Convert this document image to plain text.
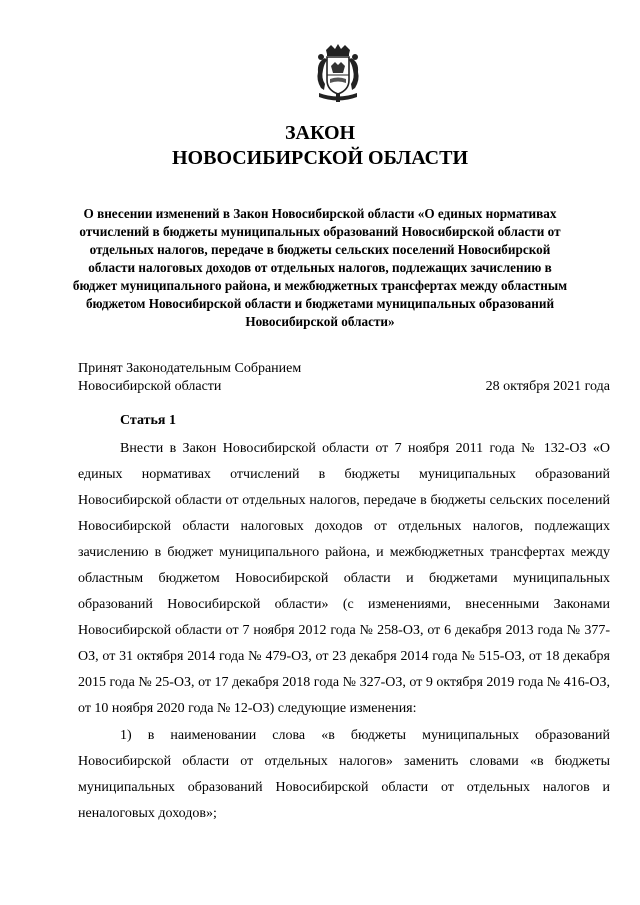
ЗАКОН
НОВОСИБИРСКОЙ ОБЛАСТИ
О внесении изменений в Закон Новосибирской области «О единых нормативах отчислений в бюджеты муниципальных образований Новосибирской области от отдельных налогов, передаче в бюджеты сельских поселений Новосибирской области налоговых доходов от отдельных налогов, подлежащих зачислению в бюджет муниципального района, и межбюджетных трансфертах между областным бюджетом Новосибирской области и бюджетами муниципальных образований Новосибирской области»
Принят Законодательным Собранием
Новосибирской области	28 октября 2021 года
Статья 1

Внести в Закон Новосибирской области от 7 ноября 2011 года № 132-ОЗ «О единых нормативах отчислений в бюджеты муниципальных образований Новосибирской области от отдельных налогов, передаче в бюджеты сельских поселений Новосибирской области налоговых доходов от отдельных налогов, подлежащих зачислению в бюджет муниципального района, и межбюджетных трансфертах между областным бюджетом Новосибирской области и бюджетами муниципальных образований Новосибирской области» (с изменениями, внесенными Законами Новосибирской области от 7 ноября 2012 года № 258-ОЗ, от 6 декабря 2013 года № 377-ОЗ, от 31 октября 2014 года № 479-ОЗ, от 23 декабря 2014 года № 515-ОЗ, от 18 декабря 2015 года № 25-ОЗ, от 17 декабря 2018 года № 327-ОЗ, от 9 октября 2019 года № 416-ОЗ, от 10 ноября 2020 года № 12-ОЗ) следующие изменения:

1) в наименовании слова «в бюджеты муниципальных образований Новосибирской области от отдельных налогов» заменить словами «в бюджеты муниципальных образований Новосибирской области от отдельных налогов и неналоговых доходов»;
